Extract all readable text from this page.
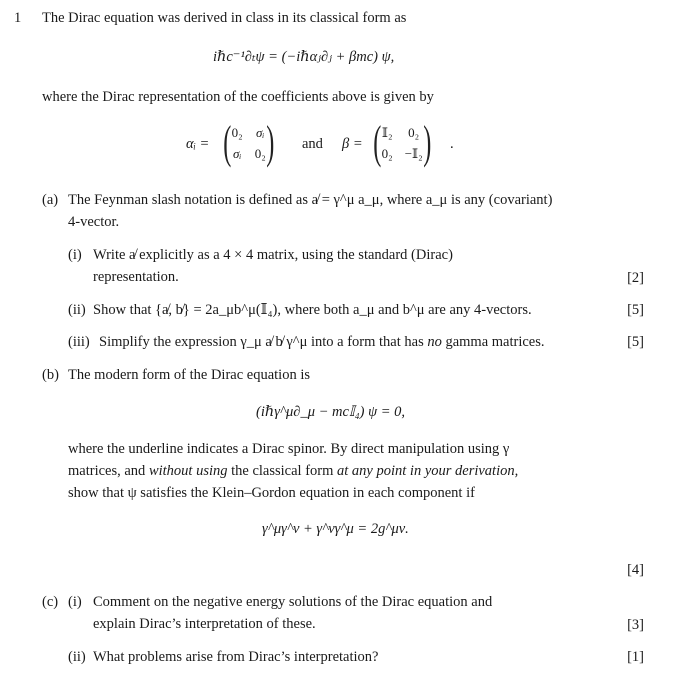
1 The Dirac equation was derived in class in its classical form as
iℏc⁻¹∂ₜψ = (−iℏαⱼ∂ⱼ + βmc) ψ,
where the Dirac representation of the coefficients above is given by
αᵢ = ( 0₂ σᵢ
σᵢ 0₂ ) and β = ( 𝕀₂ 0₂
0₂ −𝕀₂ ) .
(a) The Feynman slash notation is defined as a̸ = γ^μ a_μ, where a_μ is any (covariant)
4-vector.
(i) Write a̸ explicitly as a 4 × 4 matrix, using the standard (Dirac)
representation.	[2]
(ii) Show that {a̸, b̸} = 2a_μb^μ(𝕀₄), where both a_μ and b^μ are any 4-vectors.	[5]
(iii) Simplify the expression γ_μ a̸ b̸ γ^μ into a form that has no gamma matrices.	[5]
(b) The modern form of the Dirac equation is
(iℏγ^μ∂_μ − mc𝕀₄) ψ = 0,
where the underline indicates a Dirac spinor. By direct manipulation using γ
matrices, and without using the classical form at any point in your derivation,
show that ψ satisfies the Klein–Gordon equation in each component if
γ^μγ^ν + γ^νγ^μ = 2g^μν.
[4]
(c) (i) Comment on the negative energy solutions of the Dirac equation and
explain Dirac’s interpretation of these.	[3]
(ii) What problems arise from Dirac’s interpretation?	[1]
